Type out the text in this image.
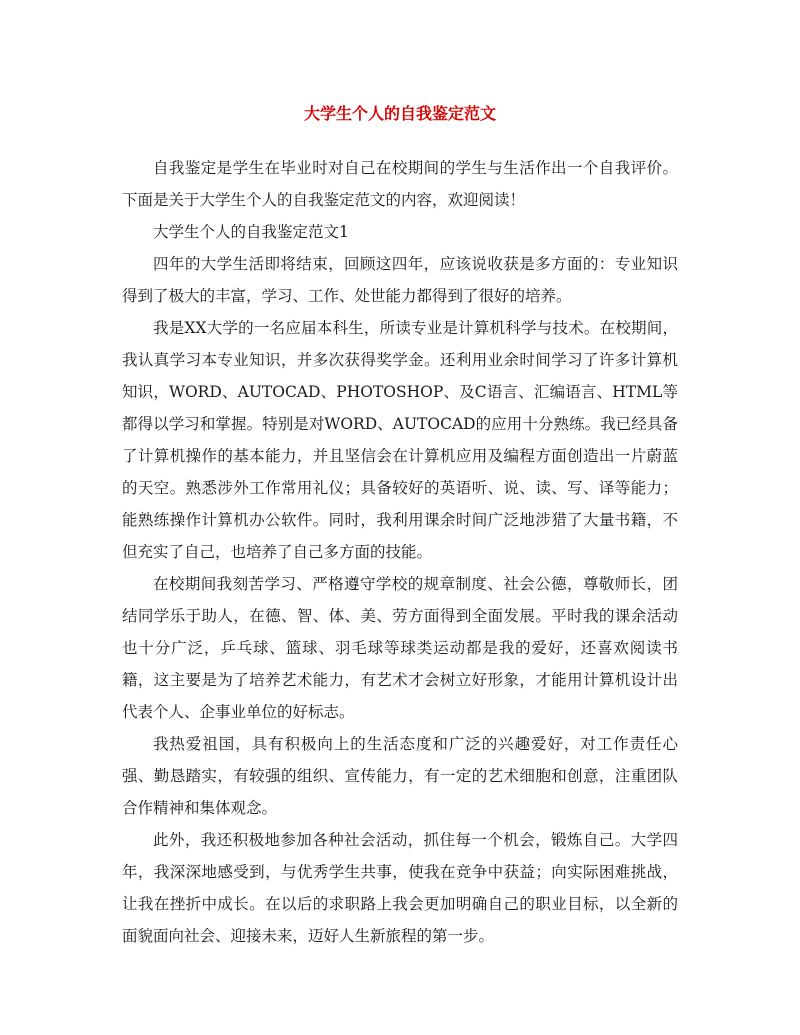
大学生个人的自我鉴定范文

自我鉴定是学生在毕业时对自己在校期间的学生与生活作出一个自我评价。下面是关于大学生个人的自我鉴定范文的内容，欢迎阅读！

大学生个人的自我鉴定范文1

四年的大学生活即将结束，回顾这四年，应该说收获是多方面的：专业知识得到了极大的丰富，学习、工作、处世能力都得到了很好的培养。

我是XX大学的一名应届本科生，所读专业是计算机科学与技术。在校期间，我认真学习本专业知识，并多次获得奖学金。还利用业余时间学习了许多计算机知识，WORD、AUTOCAD、PHOTOSHOP、及C语言、汇编语言、HTML等都得以学习和掌握。特别是对WORD、AUTOCAD的应用十分熟练。我已经具备了计算机操作的基本能力，并且坚信会在计算机应用及编程方面创造出一片蔚蓝的天空。熟悉涉外工作常用礼仪；具备较好的英语听、说、读、写、译等能力；能熟练操作计算机办公软件。同时，我利用课余时间广泛地涉猎了大量书籍，不但充实了自己，也培养了自己多方面的技能。

在校期间我刻苦学习、严格遵守学校的规章制度、社会公德，尊敬师长，团结同学乐于助人，在德、智、体、美、劳方面得到全面发展。平时我的课余活动也十分广泛，乒乓球、篮球、羽毛球等球类运动都是我的爱好，还喜欢阅读书籍，这主要是为了培养艺术能力，有艺术才会树立好形象，才能用计算机设计出代表个人、企事业单位的好标志。

我热爱祖国，具有积极向上的生活态度和广泛的兴趣爱好，对工作责任心强、勤恳踏实，有较强的组织、宣传能力，有一定的艺术细胞和创意，注重团队合作精神和集体观念。

此外，我还积极地参加各种社会活动，抓住每一个机会，锻炼自己。大学四年，我深深地感受到，与优秀学生共事，使我在竞争中获益；向实际困难挑战，让我在挫折中成长。在以后的求职路上我会更加明确自己的职业目标，以全新的面貌面向社会、迎接未来，迈好人生新旅程的第一步。
